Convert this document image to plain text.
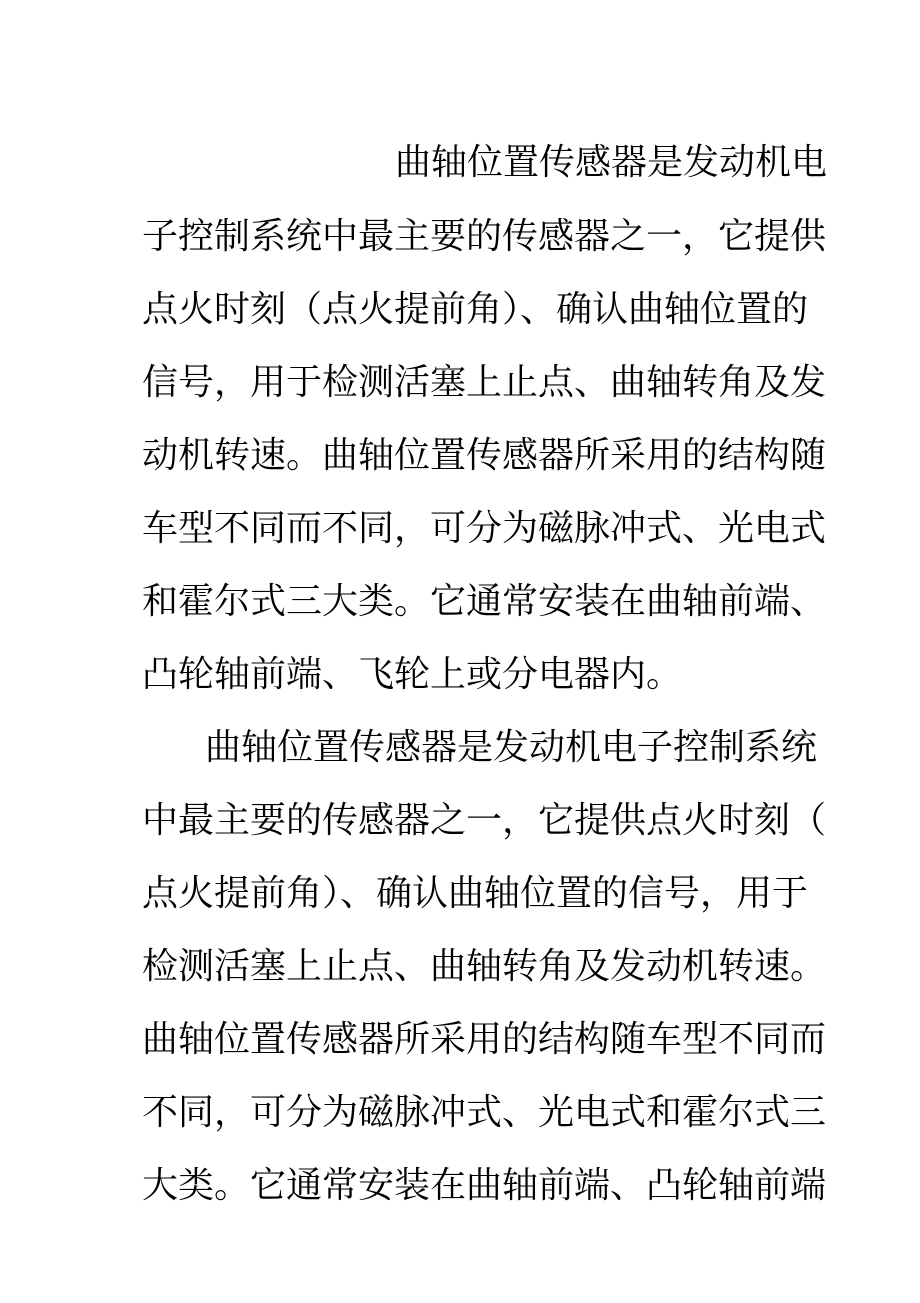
曲轴位置传感器是发动机电
子控制系统中最主要的传感器之一，它提供
点火时刻（点火提前角）、确认曲轴位置的
信号，用于检测活塞上止点、曲轴转角及发
动机转速。曲轴位置传感器所采用的结构随
车型不同而不同，可分为磁脉冲式、光电式
和霍尔式三大类。它通常安装在曲轴前端、
凸轮轴前端、飞轮上或分电器内。
曲轴位置传感器是发动机电子控制系统
中最主要的传感器之一，它提供点火时刻（
点火提前角）、确认曲轴位置的信号，用于
检测活塞上止点、曲轴转角及发动机转速。
曲轴位置传感器所采用的结构随车型不同而
不同，可分为磁脉冲式、光电式和霍尔式三
大类。它通常安装在曲轴前端、凸轮轴前端
